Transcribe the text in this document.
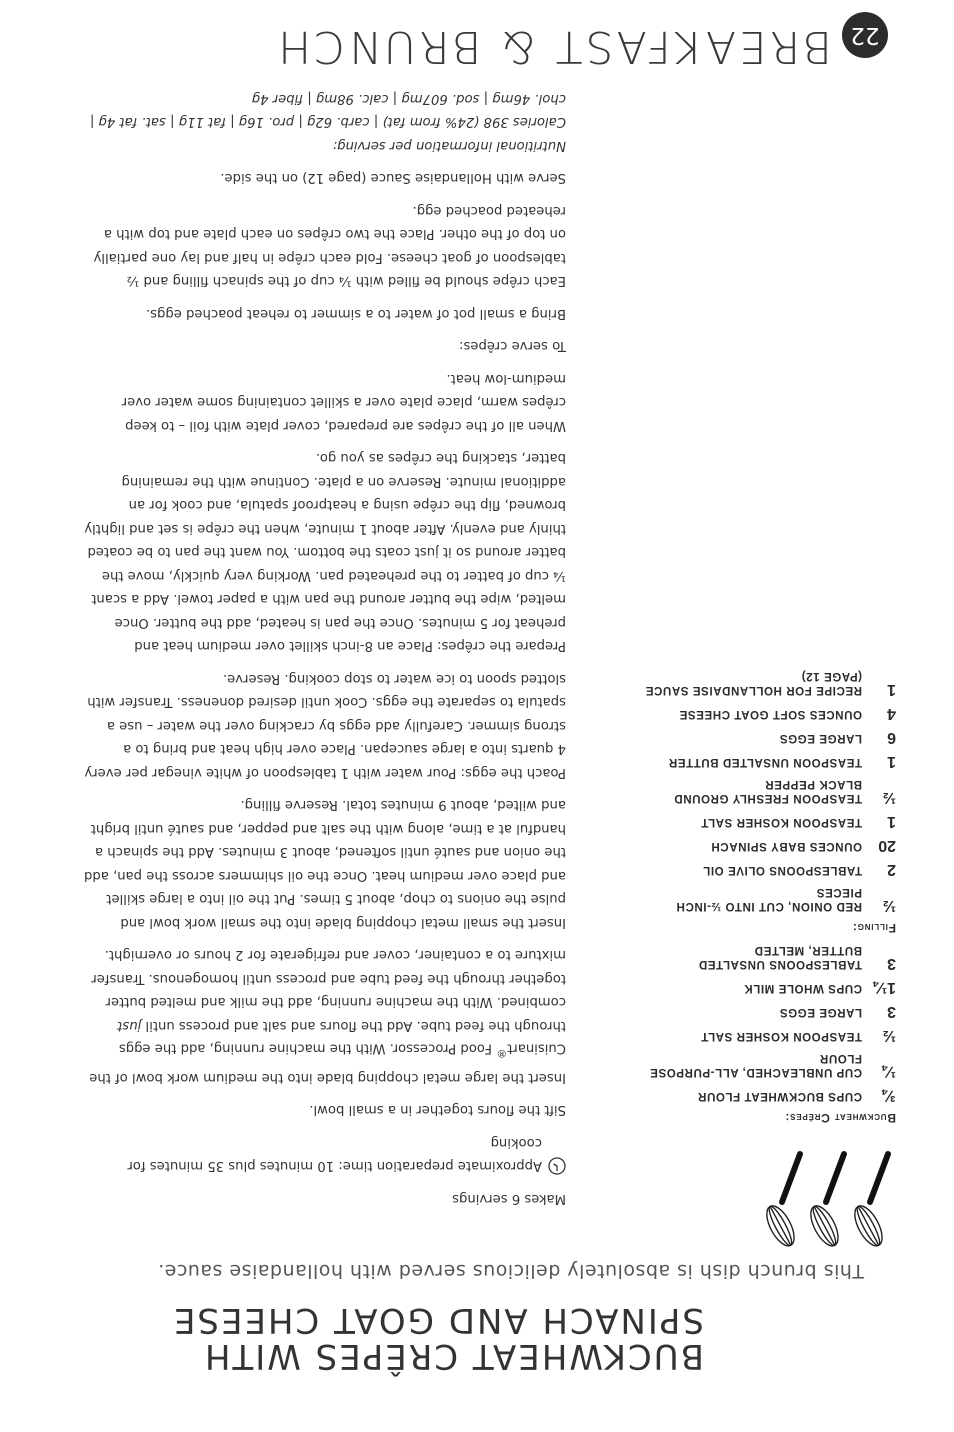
22
BREAKFAST & BRUNCH
BUCKWHEAT CRÊPES WITH
SPINACH AND GOAT CHEESE
This brunch dish is absolutely delicious served with hollandaise sauce.
Buckwheat Crêpes:
¾
CUPS BUCKWHEAT FLOUR
¼
CUP UNBLEACHED, ALL-PURPOSE FLOUR
½
TEASPOON KOSHER SALT
3
LARGE EGGS
1¼
CUPS WHOLE MILK
3
TABLESPOONS UNSALTED BUTTER, MELTED
Filling:
½
RED ONION, CUT INTO ½-INCH PIECES
2
TABLESPOONS OLIVE OIL
20
OUNCES BABY SPINACH
1
TEASPOON KOSHER SALT
½
TEASPOON FRESHLY GROUND BLACK PEPPER
1
TEASPOON UNSALTED BUTTER
6
LARGE EGGS
4
OUNCES SOFT GOAT CHEESE
1
RECIPE FOR HOLLANDAISE SAUCE (PAGE 12)

Makes 6 servings

Approximate preparation time: 10 minutes plus 35 minutes for cooking

Sift the flours together in a small bowl.

Insert the large metal chopping blade into the medium work bowl of the Cuisinart® Food Processor. With the machine running, add the eggs through the feed tube. Add the flours and salt and process until just combined. With the machine running, add the milk and melted butter together through the feed tube and process until homogenous. Transfer mixture to a container, cover and refrigerate for 2 hours or overnight.

Insert the small metal chopping blade into the small work bowl and pulse the onions to chop, about 5 times. Put the oil into a large skillet and place over medium heat. Once the oil shimmers across the pan, add the onion and sauté until softened, about 3 minutes. Add the spinach a handful at a time, along with the salt and pepper, and sauté until bright and wilted, about 9 minutes total. Reserve filling.

Poach the eggs: Pour water with 1 tablespoon of white vinegar per every 4 quarts into a large saucepan. Place over high heat and bring to a strong simmer. Carefully add eggs by cracking over the water – use a spatula to separate the eggs. Cook until desired doneness. Transfer with slotted spoon to ice water to stop cooking. Reserve.

Prepare the crêpes: Place an 8-inch skillet over medium heat and preheat for 5 minutes. Once the pan is heated, add the butter. Once melted, wipe the butter around the pan with a paper towel. Add a scant ¼ cup of batter to the preheated pan. Working very quickly, move the batter around so it just coats the bottom. You want the pan to be coated thinly and evenly. After about 1 minute, when the crêpe is set and lightly browned, flip the crêpe using a heatproof spatula, and cook for an additional minute. Reserve on a plate. Continue with the remaining batter, stacking the crêpes as you go.

When all of the crêpes are prepared, cover plate with foil – to keep crêpes warm, place plate over a skillet containing some water over medium-low heat.

To serve crêpes:

Bring a small pot of water to a simmer to reheat poached eggs.

Each crêpe should be filled with ¼ cup of the spinach filling and ½ tablespoon of goat cheese. Fold each crêpe in half and lay one partially on top of the other. Place the two crêpes on each plate and top with a reheated poached egg.

Serve with Hollandaise Sauce (page 12) on the side.

Nutritional information per serving:
Calories 398 (24% from fat) | carb. 62g | pro. 16g | fat 11g | sat. fat 4g |
chol. 46mg | sod. 607mg | calc. 98mg | fiber 4g
